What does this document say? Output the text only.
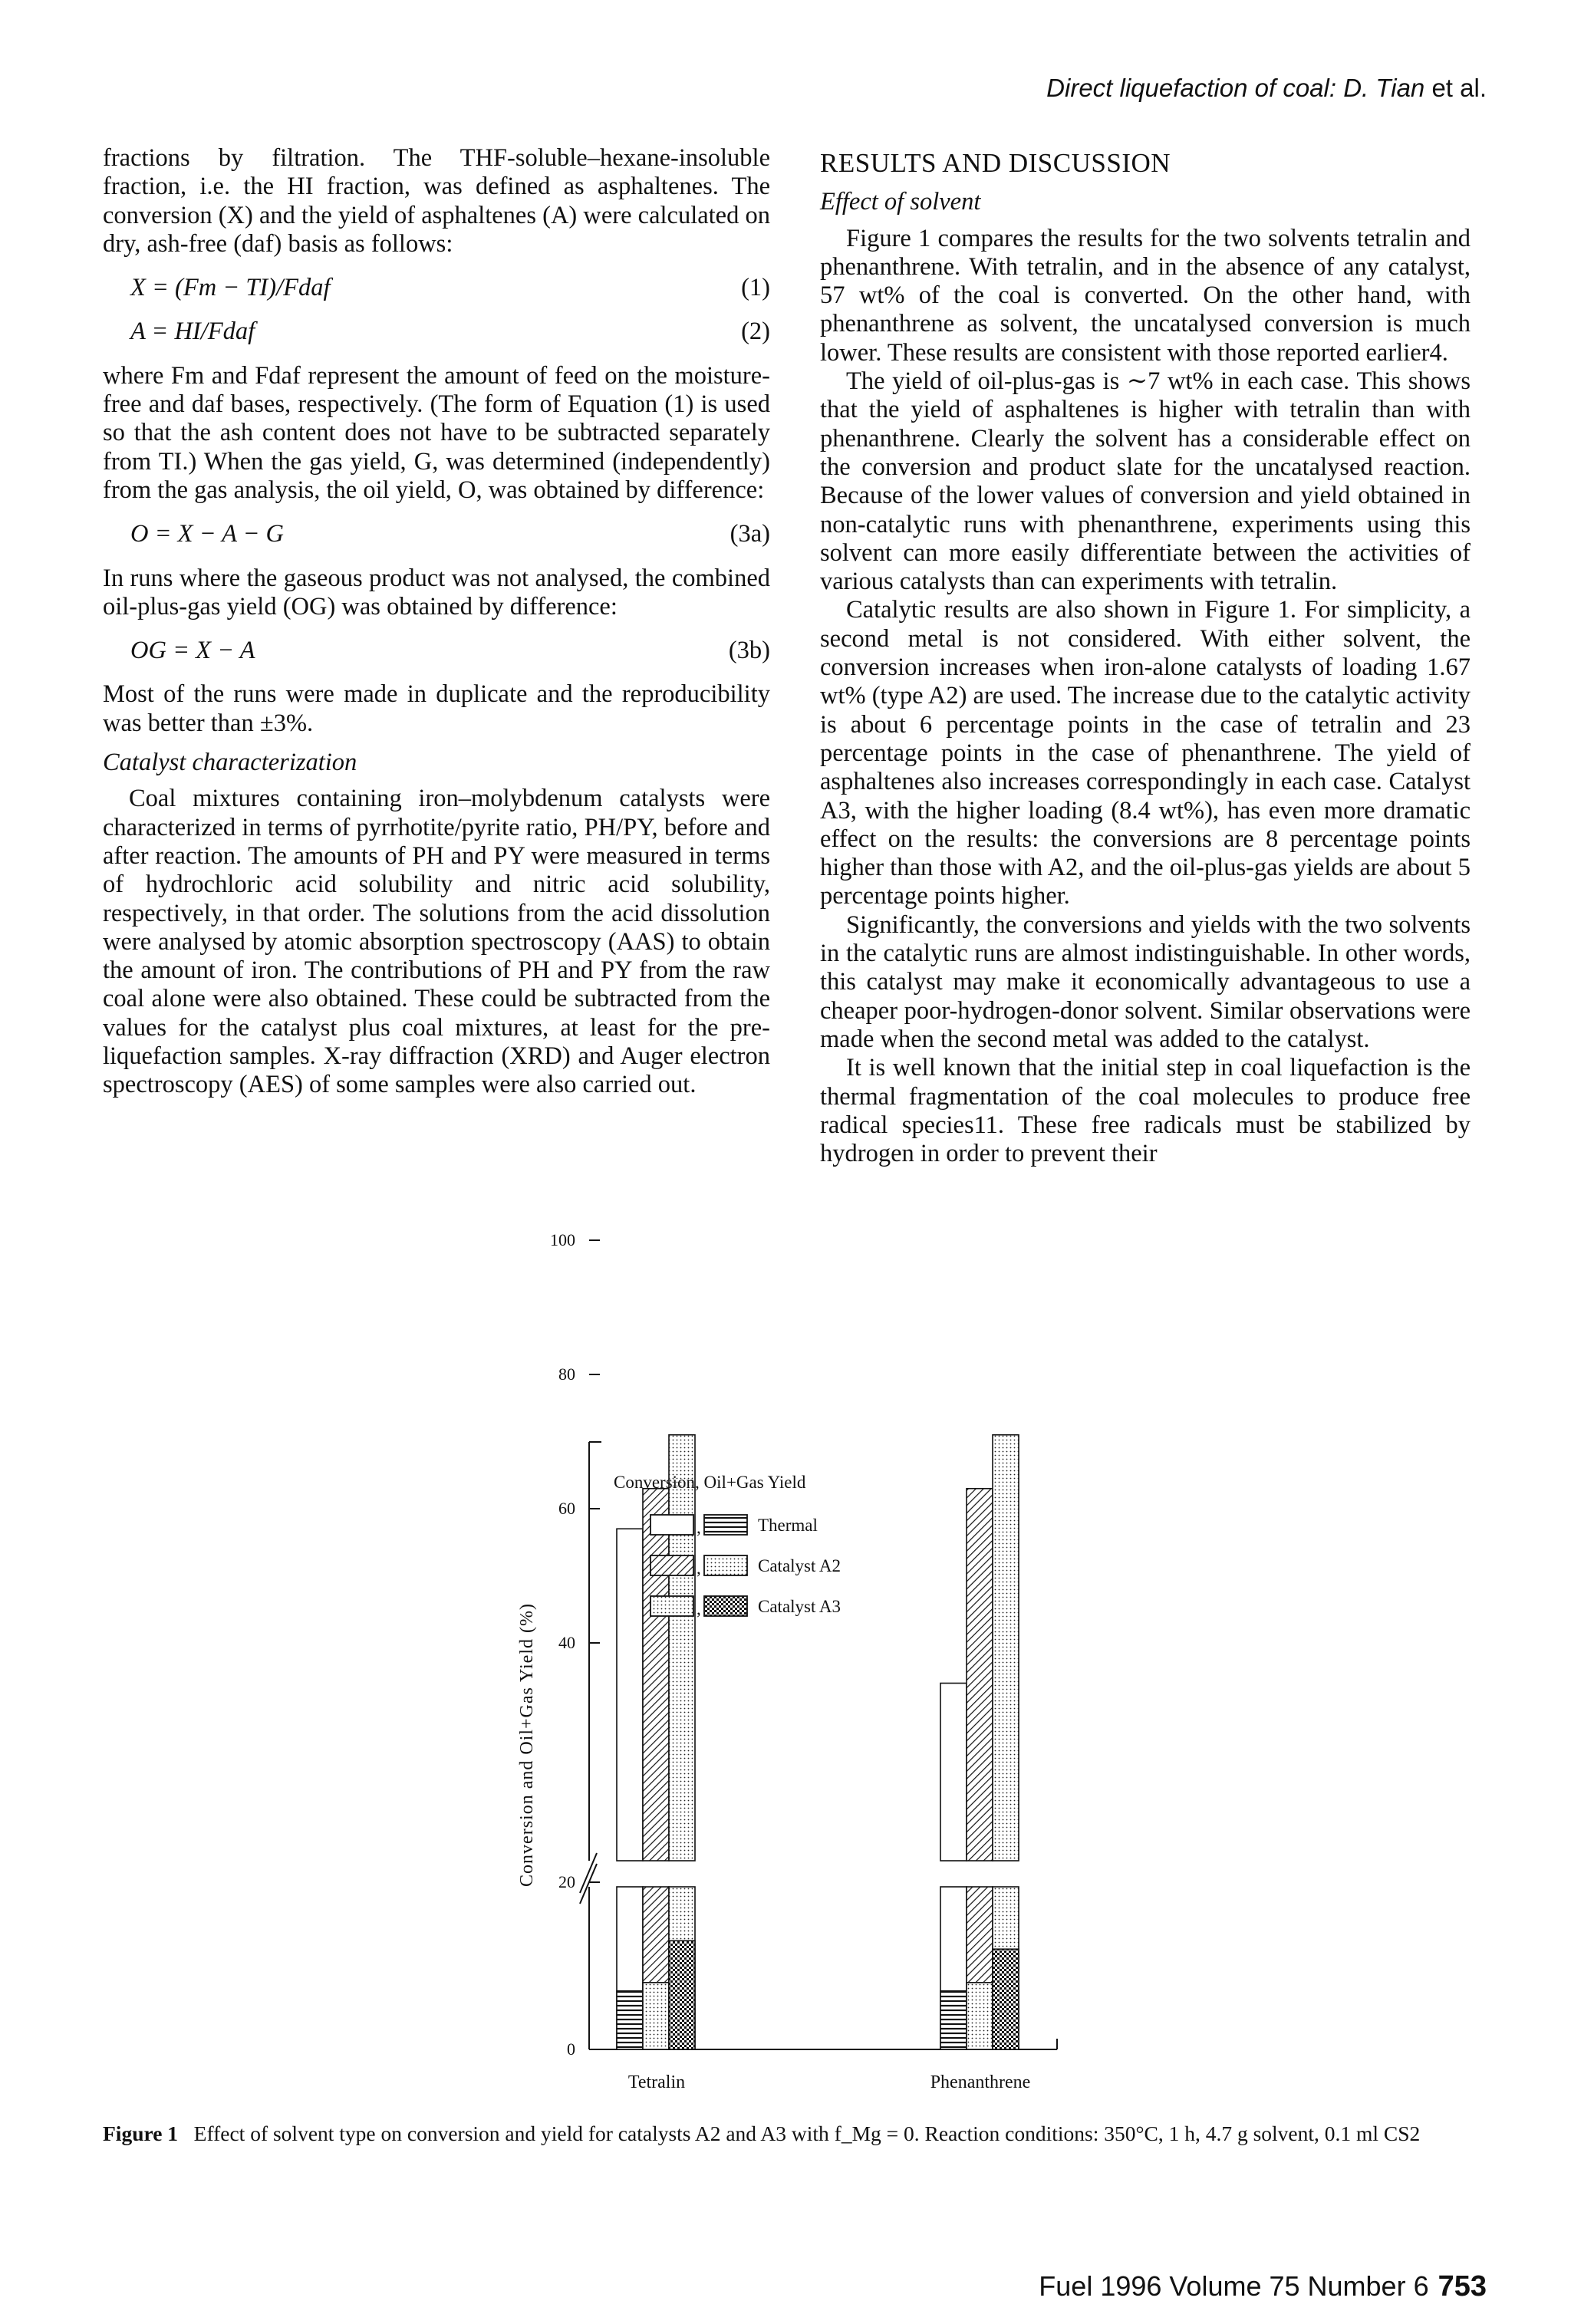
Direct liquefaction of coal: D. Tian et al.

fractions by filtration. The THF-soluble–hexane-insoluble fraction, i.e. the HI fraction, was defined as asphaltenes. The conversion (X) and the yield of asphaltenes (A) were calculated on dry, ash-free (daf) basis as follows:

X = (Fm − TI)/Fdaf	(1)
A = HI/Fdaf	(2)

where Fm and Fdaf represent the amount of feed on the moisture-free and daf bases, respectively. (The form of Equation (1) is used so that the ash content does not have to be subtracted separately from TI.) When the gas yield, G, was determined (independently) from the gas analysis, the oil yield, O, was obtained by difference:

O = X − A − G	(3a)

In runs where the gaseous product was not analysed, the combined oil-plus-gas yield (OG) was obtained by difference:

OG = X − A	(3b)

Most of the runs were made in duplicate and the reproducibility was better than ±3%.

Catalyst characterization

Coal mixtures containing iron–molybdenum catalysts were characterized in terms of pyrrhotite/pyrite ratio, PH/PY, before and after reaction. The amounts of PH and PY were measured in terms of hydrochloric acid solubility and nitric acid solubility, respectively, in that order. The solutions from the acid dissolution were analysed by atomic absorption spectroscopy (AAS) to obtain the amount of iron. The contributions of PH and PY from the raw coal alone were also obtained. These could be subtracted from the values for the catalyst plus coal mixtures, at least for the pre-liquefaction samples. X-ray diffraction (XRD) and Auger electron spectroscopy (AES) of some samples were also carried out.

RESULTS AND DISCUSSION
Effect of solvent

Figure 1 compares the results for the two solvents tetralin and phenanthrene. With tetralin, and in the absence of any catalyst, 57 wt% of the coal is converted. On the other hand, with phenanthrene as solvent, the uncatalysed conversion is much lower. These results are consistent with those reported earlier4.

The yield of oil-plus-gas is ∼7 wt% in each case. This shows that the yield of asphaltenes is higher with tetralin than with phenanthrene. Clearly the solvent has a considerable effect on the conversion and product slate for the uncatalysed reaction. Because of the lower values of conversion and yield obtained in non-catalytic runs with phenanthrene, experiments using this solvent can more easily differentiate between the activities of various catalysts than can experiments with tetralin.

Catalytic results are also shown in Figure 1. For simplicity, a second metal is not considered. With either solvent, the conversion increases when iron-alone catalysts of loading 1.67 wt% (type A2) are used. The increase due to the catalytic activity is about 6 percentage points in the case of tetralin and 23 percentage points in the case of phenanthrene. The yield of asphaltenes also increases correspondingly in each case. Catalyst A3, with the higher loading (8.4 wt%), has even more dramatic effect on the results: the conversions are 8 percentage points higher than those with A2, and the oil-plus-gas yields are about 5 percentage points higher.

Significantly, the conversions and yields with the two solvents in the catalytic runs are almost indistinguishable. In other words, this catalyst may make it economically advantageous to use a cheaper poor-hydrogen-donor solvent. Similar observations were made when the second metal was added to the catalyst.

It is well known that the initial step in coal liquefaction is the thermal fragmentation of the coal molecules to produce free radical species11. These free radicals must be stabilized by hydrogen in order to prevent their

0
20
40
60
80
100
Conversion and Oil+Gas Yield (%)
Tetralin	Phenanthrene
Conversion, Oil+Gas Yield
,	Thermal
,	Catalyst A2
,	Catalyst A3
Figure 1 Effect of solvent type on conversion and yield for catalysts A2 and A3 with f_Mg = 0. Reaction conditions: 350°C, 1 h, 4.7 g solvent, 0.1 ml CS2
Fuel 1996 Volume 75 Number 6 753
